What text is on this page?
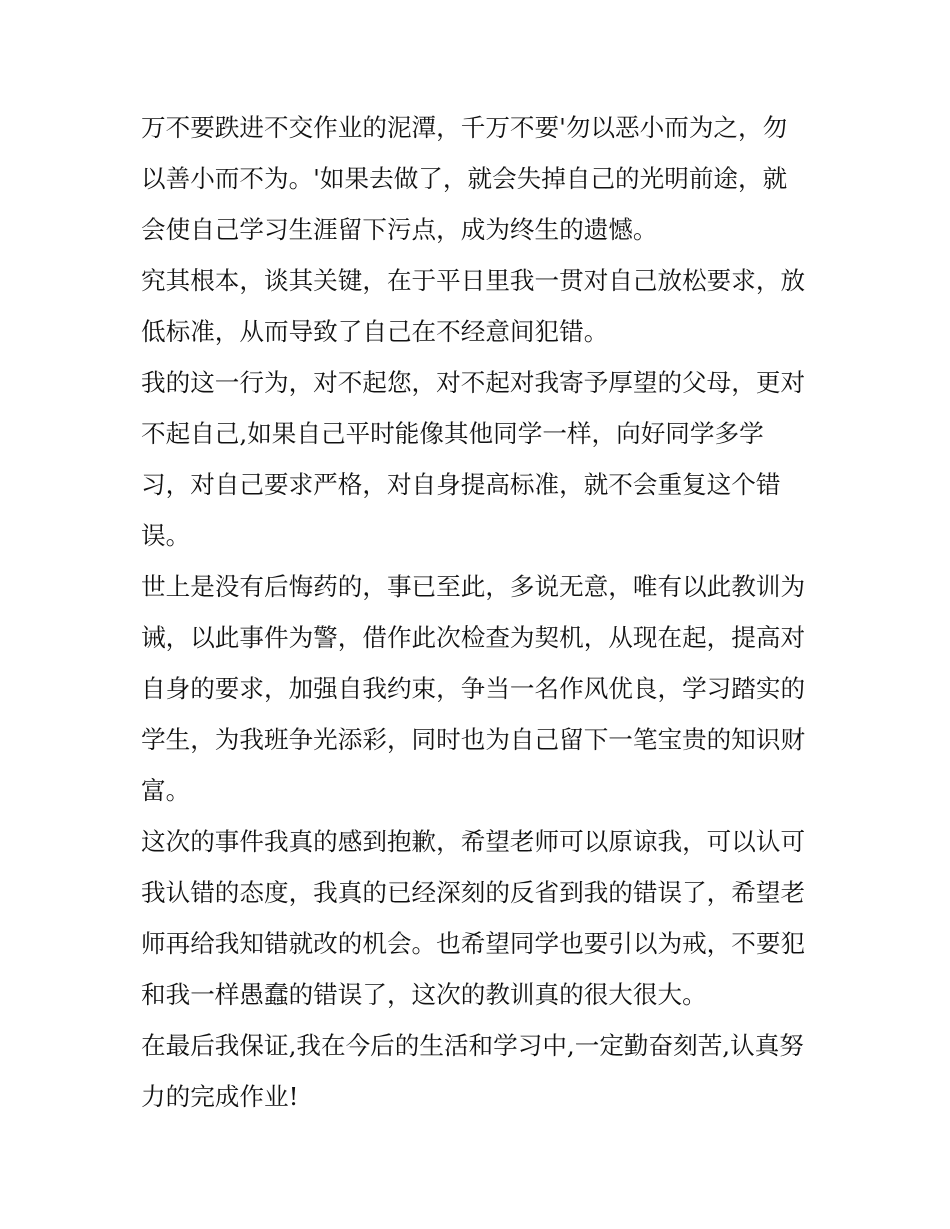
万不要跌进不交作业的泥潭，千万不要'勿以恶小而为之，勿
以善小而不为。'如果去做了，就会失掉自己的光明前途，就
会使自己学习生涯留下污点，成为终生的遗憾。
究其根本，谈其关键，在于平日里我一贯对自己放松要求，放
低标准，从而导致了自己在不经意间犯错。
我的这一行为，对不起您，对不起对我寄予厚望的父母，更对
不起自己,如果自己平时能像其他同学一样，向好同学多学
习，对自己要求严格，对自身提高标准，就不会重复这个错
误。
世上是没有后悔药的，事已至此，多说无意，唯有以此教训为
诫，以此事件为警，借作此次检查为契机，从现在起，提高对
自身的要求，加强自我约束，争当一名作风优良，学习踏实的
学生，为我班争光添彩，同时也为自己留下一笔宝贵的知识财
富。
这次的事件我真的感到抱歉，希望老师可以原谅我，可以认可
我认错的态度，我真的已经深刻的反省到我的错误了，希望老
师再给我知错就改的机会。也希望同学也要引以为戒，不要犯
和我一样愚蠢的错误了，这次的教训真的很大很大。
在最后我保证,我在今后的生活和学习中,一定勤奋刻苦,认真努
力的完成作业!
